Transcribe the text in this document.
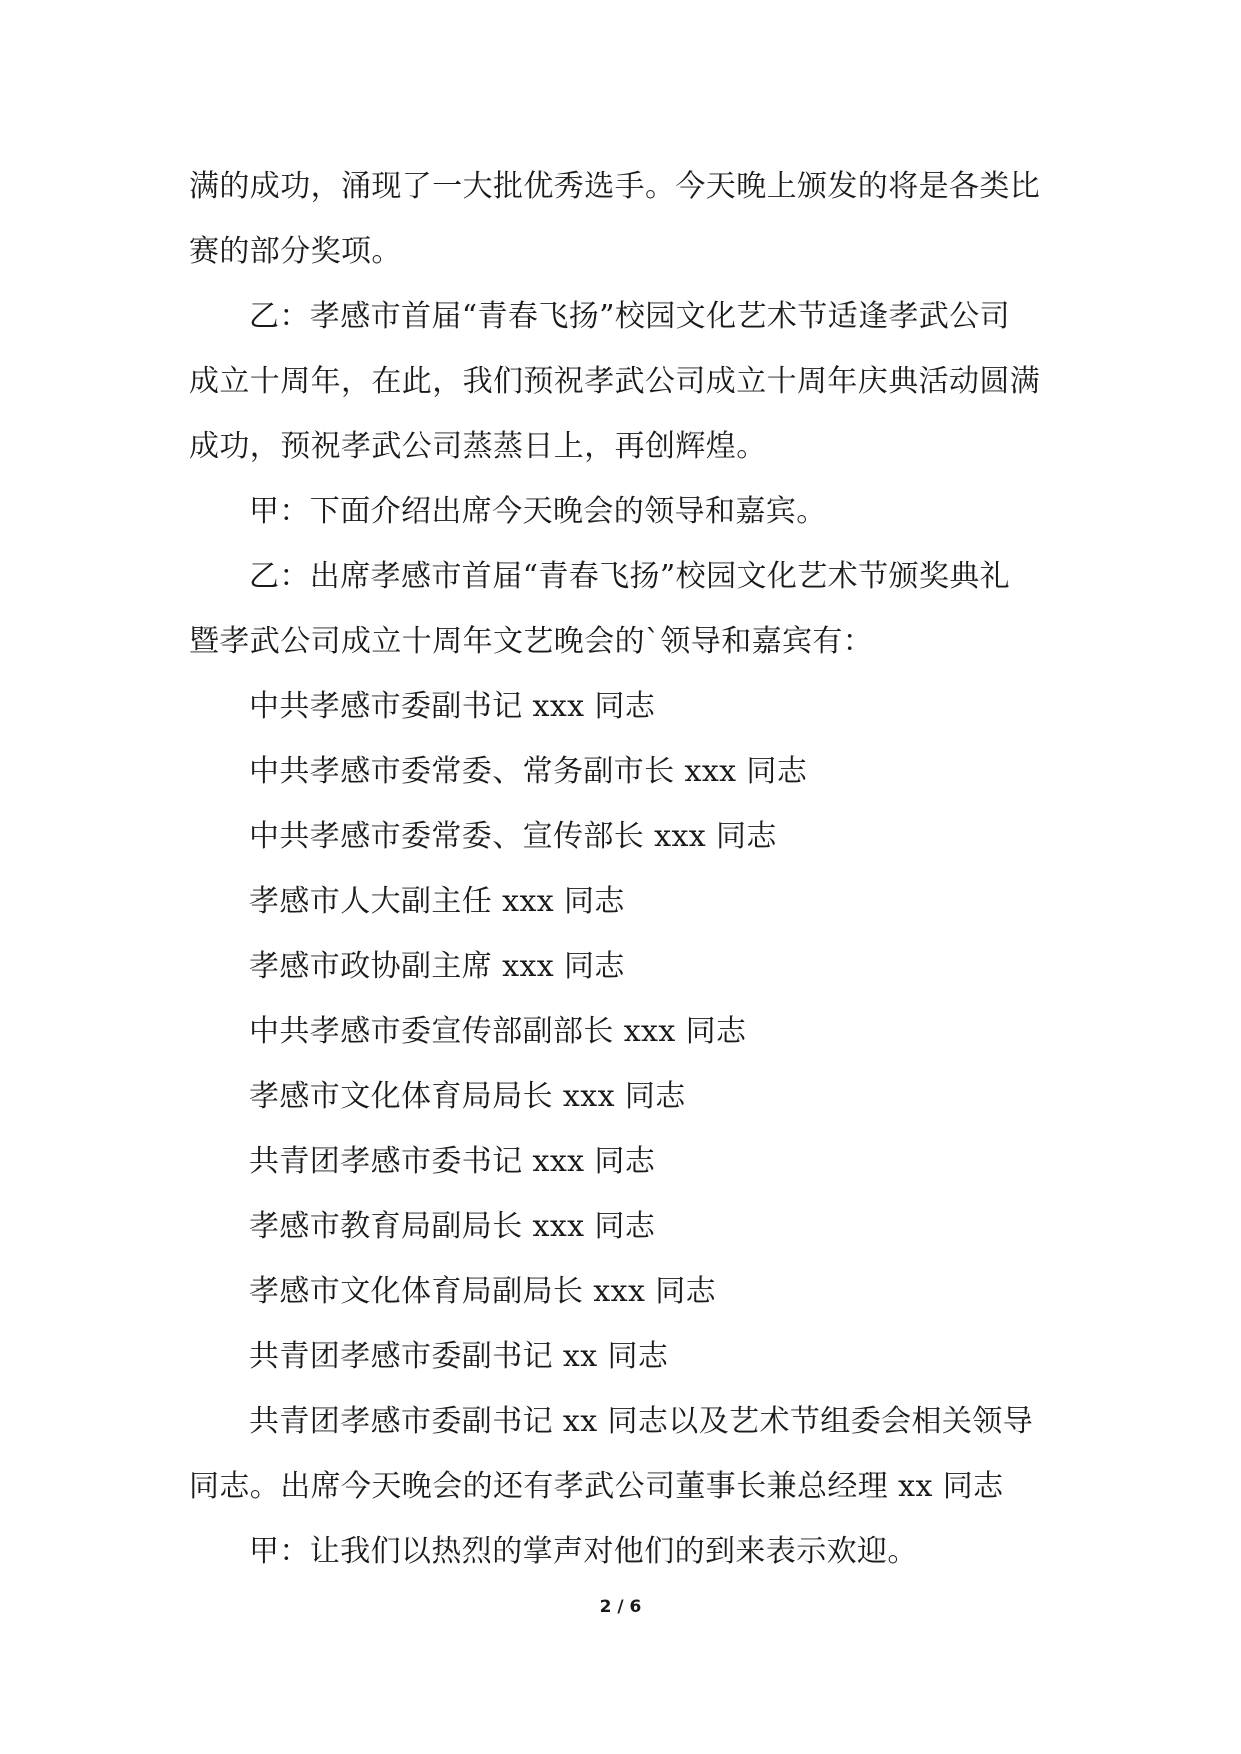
满的成功，涌现了一大批优秀选手。今天晚上颁发的将是各类比
赛的部分奖项。
乙：孝感市首届“青春飞扬”校园文化艺术节适逢孝武公司
成立十周年，在此，我们预祝孝武公司成立十周年庆典活动圆满
成功，预祝孝武公司蒸蒸日上，再创辉煌。
甲：下面介绍出席今天晚会的领导和嘉宾。
乙：出席孝感市首届“青春飞扬”校园文化艺术节颁奖典礼
暨孝武公司成立十周年文艺晚会的`领导和嘉宾有：
中共孝感市委副书记 xxx 同志
中共孝感市委常委、常务副市长 xxx 同志
中共孝感市委常委、宣传部长 xxx 同志
孝感市人大副主任 xxx 同志
孝感市政协副主席 xxx 同志
中共孝感市委宣传部副部长 xxx 同志
孝感市文化体育局局长 xxx 同志
共青团孝感市委书记 xxx 同志
孝感市教育局副局长 xxx 同志
孝感市文化体育局副局长 xxx 同志
共青团孝感市委副书记 xx 同志
共青团孝感市委副书记 xx 同志以及艺术节组委会相关领导
同志。出席今天晚会的还有孝武公司董事长兼总经理 xx 同志
甲：让我们以热烈的掌声对他们的到来表示欢迎。
2 / 6
